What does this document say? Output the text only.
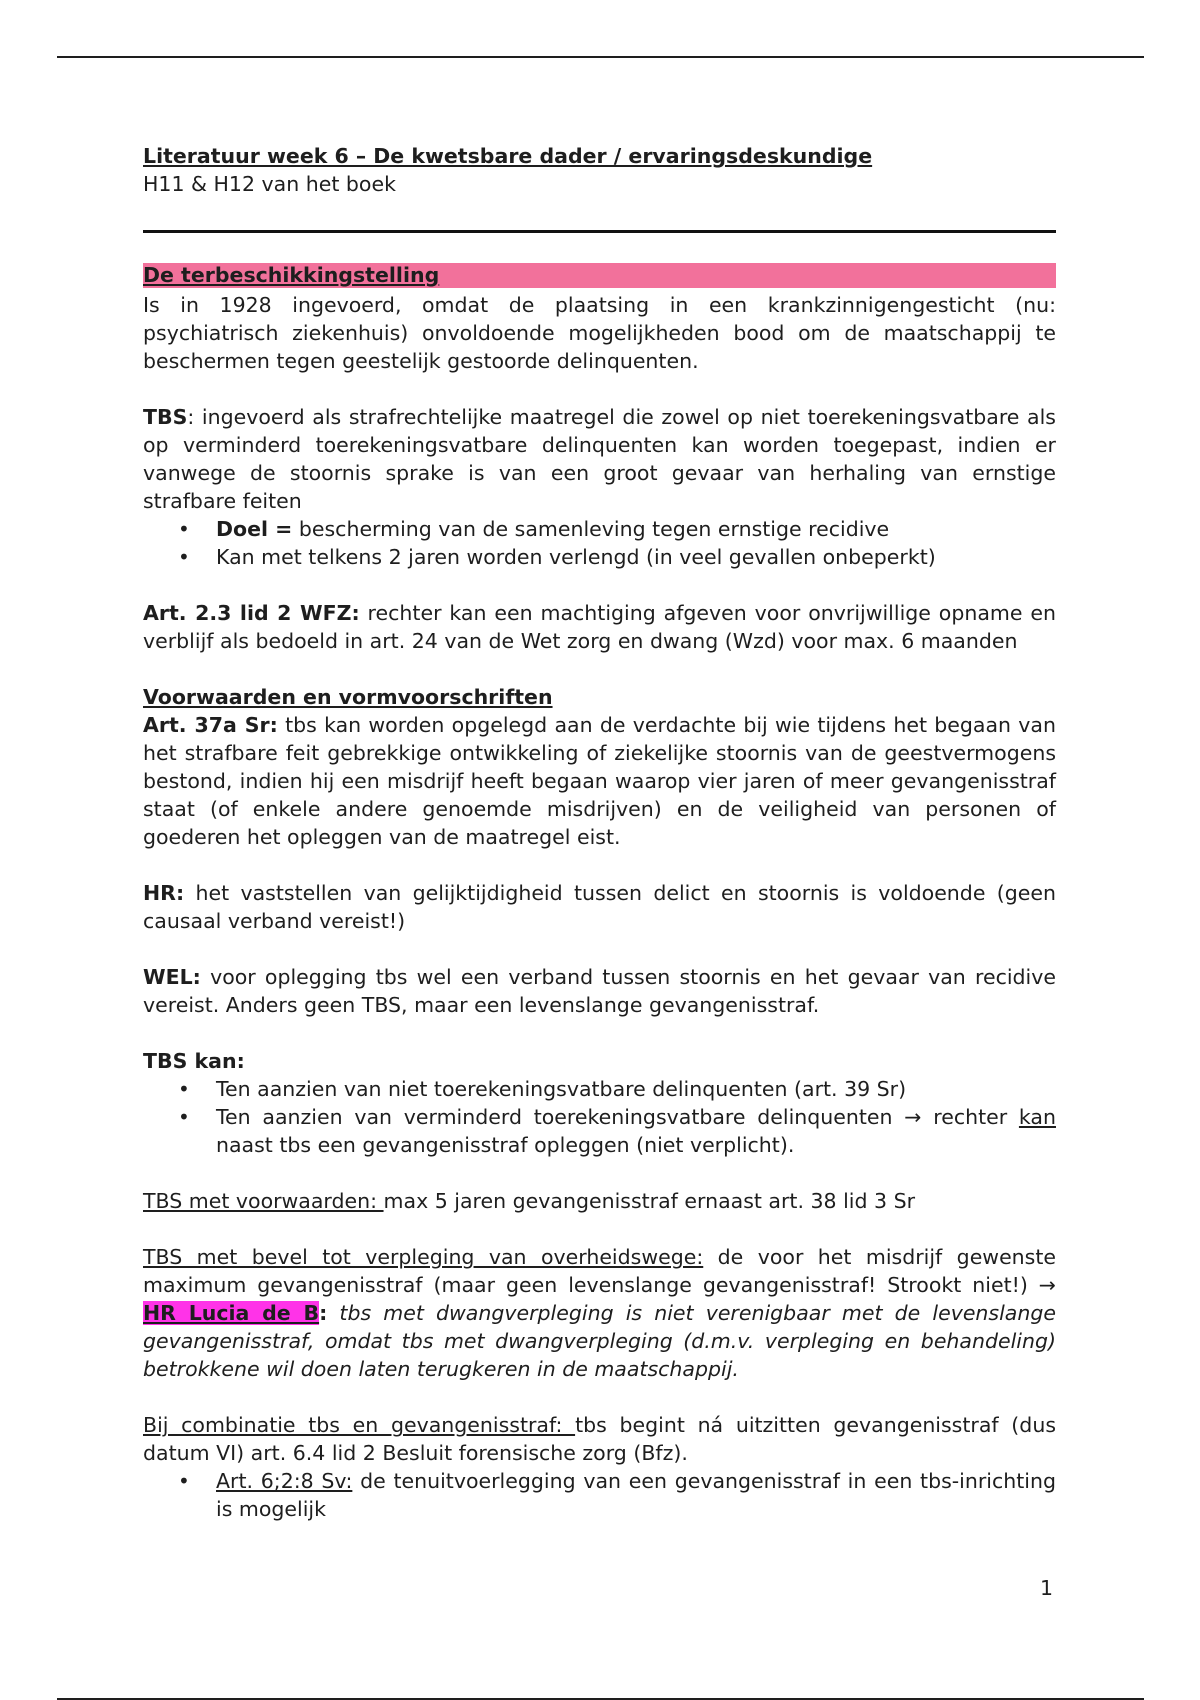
Literatuur week 6 – De kwetsbare dader / ervaringsdeskundige
H11 & H12 van het boek
De terbeschikkingstelling

Is in 1928 ingevoerd, omdat de plaatsing in een krankzinnigengesticht (nu: psychiatrisch ziekenhuis) onvoldoende mogelijkheden bood om de maatschappij te beschermen tegen geestelijk gestoorde delinquenten.

TBS: ingevoerd als strafrechtelijke maatregel die zowel op niet toerekeningsvatbare als op verminderd toerekeningsvatbare delinquenten kan worden toegepast, indien er vanwege de stoornis sprake is van een groot gevaar van herhaling van ernstige strafbare feiten

• Doel = bescherming van de samenleving tegen ernstige recidive
• Kan met telkens 2 jaren worden verlengd (in veel gevallen onbeperkt)

Art. 2.3 lid 2 WFZ: rechter kan een machtiging afgeven voor onvrijwillige opname en verblijf als bedoeld in art. 24 van de Wet zorg en dwang (Wzd) voor max. 6 maanden

Voorwaarden en vormvoorschriften

Art. 37a Sr: tbs kan worden opgelegd aan de verdachte bij wie tijdens het begaan van het strafbare feit gebrekkige ontwikkeling of ziekelijke stoornis van de geestvermogens bestond, indien hij een misdrijf heeft begaan waarop vier jaren of meer gevangenisstraf staat (of enkele andere genoemde misdrijven) en de veiligheid van personen of goederen het opleggen van de maatregel eist.

HR: het vaststellen van gelijktijdigheid tussen delict en stoornis is voldoende (geen causaal verband vereist!)

WEL: voor oplegging tbs wel een verband tussen stoornis en het gevaar van recidive vereist. Anders geen TBS, maar een levenslange gevangenisstraf.

TBS kan:

• Ten aanzien van niet toerekeningsvatbare delinquenten (art. 39 Sr)
• Ten aanzien van verminderd toerekeningsvatbare delinquenten → rechter kan naast tbs een gevangenisstraf opleggen (niet verplicht).

TBS met voorwaarden: max 5 jaren gevangenisstraf ernaast art. 38 lid 3 Sr

TBS met bevel tot verpleging van overheidswege: de voor het misdrijf gewenste maximum gevangenisstraf (maar geen levenslange gevangenisstraf! Strookt niet!) → HR Lucia de B: tbs met dwangverpleging is niet verenigbaar met de levenslange gevangenisstraf, omdat tbs met dwangverpleging (d.m.v. verpleging en behandeling) betrokkene wil doen laten terugkeren in de maatschappij.

Bij combinatie tbs en gevangenisstraf: tbs begint ná uitzitten gevangenisstraf (dus datum VI) art. 6.4 lid 2 Besluit forensische zorg (Bfz).

• Art. 6;2:8 Sv: de tenuitvoerlegging van een gevangenisstraf in een tbs-inrichting is mogelijk
1
